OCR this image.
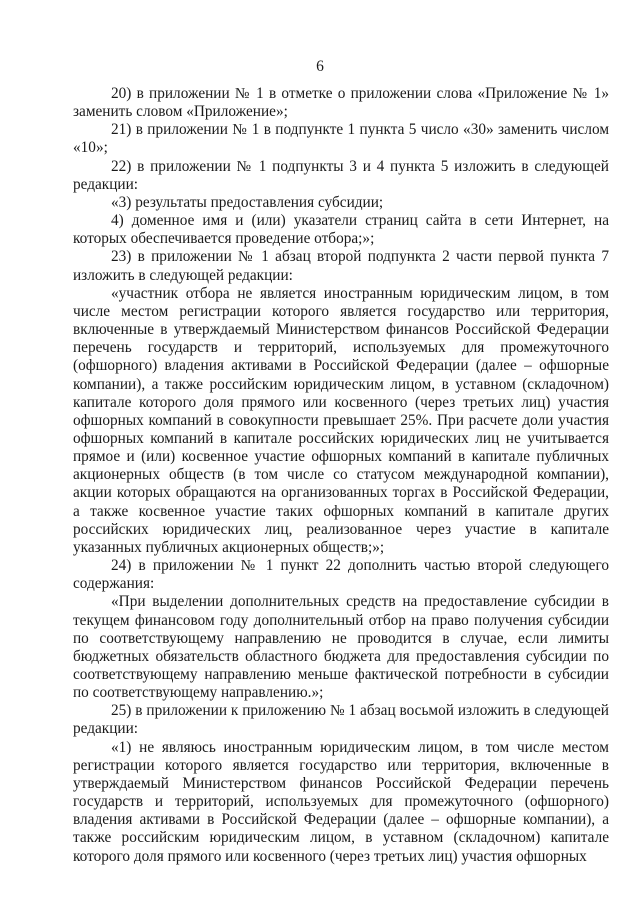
6

20) в приложении № 1 в отметке о приложении слова «Приложение № 1» заменить словом «Приложение»;

21) в приложении № 1 в подпункте 1 пункта 5 число «30» заменить числом «10»;

22) в приложении № 1 подпункты 3 и 4 пункта 5 изложить в следующей редакции:

«3) результаты предоставления субсидии;

4) доменное имя и (или) указатели страниц сайта в сети Интернет, на которых обеспечивается проведение отбора;»;

23) в приложении № 1 абзац второй подпункта 2 части первой пункта 7 изложить в следующей редакции:

«участник отбора не является иностранным юридическим лицом, в том числе местом регистрации которого является государство или территория, включенные в утверждаемый Министерством финансов Российской Федерации перечень государств и территорий, используемых для промежуточного (офшорного) владения активами в Российской Федерации (далее – офшорные компании), а также российским юридическим лицом, в уставном (складочном) капитале которого доля прямого или косвенного (через третьих лиц) участия офшорных компаний в совокупности превышает 25%. При расчете доли участия офшорных компаний в капитале российских юридических лиц не учитывается прямое и (или) косвенное участие офшорных компаний в капитале публичных акционерных обществ (в том числе со статусом международной компании), акции которых обращаются на организованных торгах в Российской Федерации, а также косвенное участие таких офшорных компаний в капитале других российских юридических лиц, реализованное через участие в капитале указанных публичных акционерных обществ;»;

24) в приложении № 1 пункт 22 дополнить частью второй следующего содержания:

«При выделении дополнительных средств на предоставление субсидии в текущем финансовом году дополнительный отбор на право получения субсидии по соответствующему направлению не проводится в случае, если лимиты бюджетных обязательств областного бюджета для предоставления субсидии по соответствующему направлению меньше фактической потребности в субсидии по соответствующему направлению.»;

25) в приложении к приложению № 1 абзац восьмой изложить в следующей редакции:

«1) не являюсь иностранным юридическим лицом, в том числе местом регистрации которого является государство или территория, включенные в утверждаемый Министерством финансов Российской Федерации перечень государств и территорий, используемых для промежуточного (офшорного) владения активами в Российской Федерации (далее – офшорные компании), а также российским юридическим лицом, в уставном (складочном) капитале которого доля прямого или косвенного (через третьих лиц) участия офшорных
